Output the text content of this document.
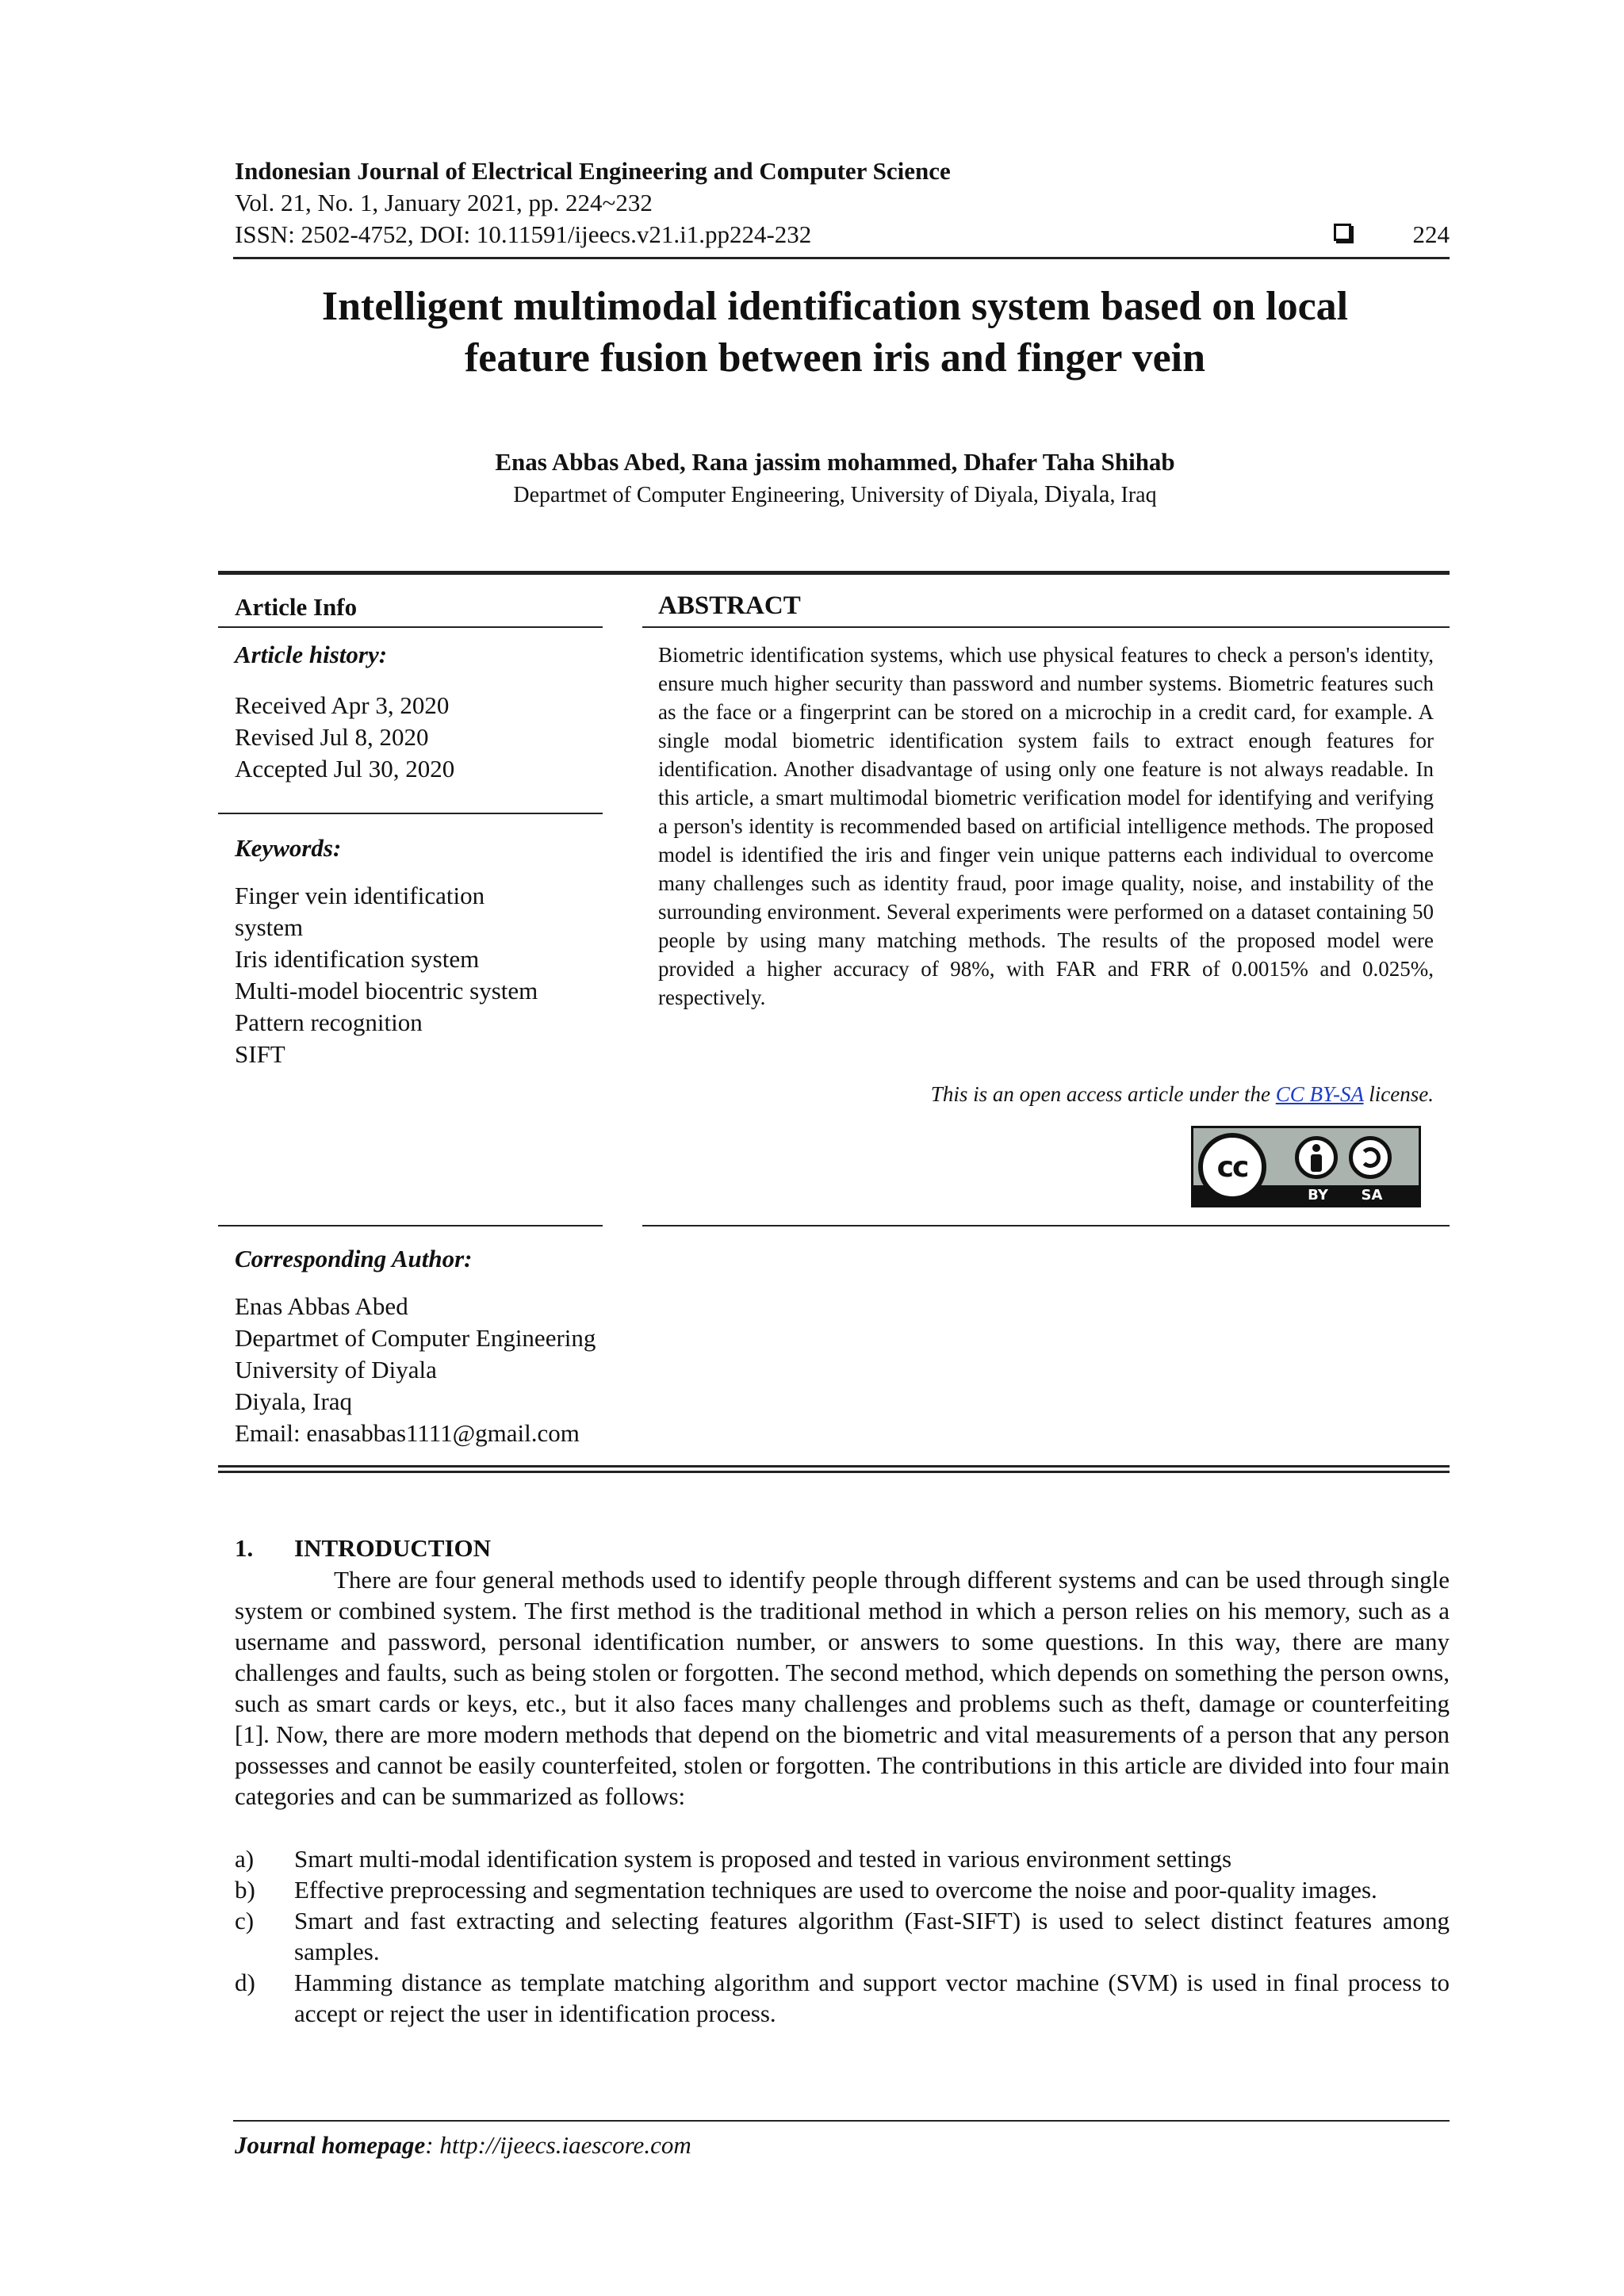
Indonesian Journal of Electrical Engineering and Computer Science
Vol. 21, No. 1, January 2021, pp. 224~232
ISSN: 2502-4752, DOI: 10.11591/ijeecs.v21.i1.pp224-232	224
Intelligent multimodal identification system based on local
feature fusion between iris and finger vein
Enas Abbas Abed, Rana jassim mohammed, Dhafer Taha Shihab
Departmet of Computer Engineering, University of Diyala, Diyala, Iraq
Article Info
Article history:
Received Apr 3, 2020
Revised Jul 8, 2020
Accepted Jul 30, 2020
Keywords:
Finger vein identification
system
Iris identification system
Multi-model biocentric system
Pattern recognition
SIFT
ABSTRACT

Biometric identification systems, which use physical features to check a person's identity, ensure much higher security than password and number systems. Biometric features such as the face or a fingerprint can be stored on a microchip in a credit card, for example. A single modal biometric identification system fails to extract enough features for identification. Another disadvantage of using only one feature is not always readable. In this article, a smart multimodal biometric verification model for identifying and verifying a person's identity is recommended based on artificial intelligence methods. The proposed model is identified the iris and finger vein unique patterns each individual to overcome many challenges such as identity fraud, poor image quality, noise, and instability of the surrounding environment. Several experiments were performed on a dataset containing 50 people by using many matching methods. The results of the proposed model were provided a higher accuracy of 98%, with FAR and FRR of 0.0015% and 0.025%, respectively.

This is an open access article under the CC BY-SA license.
cc
BY	SA
Corresponding Author:
Enas Abbas Abed
Departmet of Computer Engineering
University of Diyala
Diyala, Iraq
Email: enasabbas1111@gmail.com
1. INTRODUCTION

There are four general methods used to identify people through different systems and can be used through single system or combined system. The first method is the traditional method in which a person relies on his memory, such as a username and password, personal identification number, or answers to some questions. In this way, there are many challenges and faults, such as being stolen or forgotten. The second method, which depends on something the person owns, such as smart cards or keys, etc., but it also faces many challenges and problems such as theft, damage or counterfeiting [1]. Now, there are more modern methods that depend on the biometric and vital measurements of a person that any person possesses and cannot be easily counterfeited, stolen or forgotten. The contributions in this article are divided into four main categories and can be summarized as follows:

a)	Smart multi-modal identification system is proposed and tested in various environment settings
b)	Effective preprocessing and segmentation techniques are used to overcome the noise and poor-quality images.
c)	Smart and fast extracting and selecting features algorithm (Fast-SIFT) is used to select distinct features among samples.
d)	Hamming distance as template matching algorithm and support vector machine (SVM) is used in final process to accept or reject the user in identification process.
Journal homepage: http://ijeecs.iaescore.com
